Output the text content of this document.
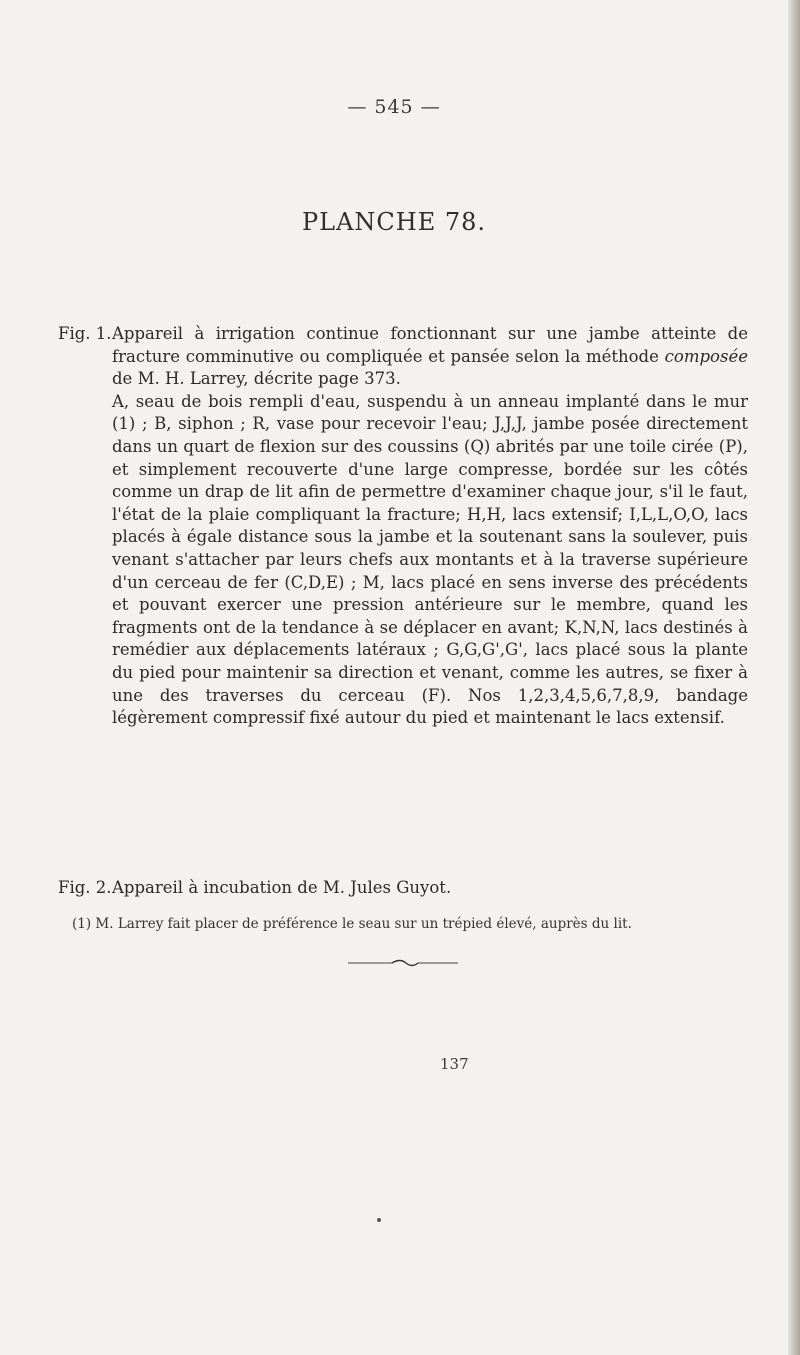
— 545 —
PLANCHE 78.
Fig. 1. Appareil à irrigation continue fonctionnant sur une jambe atteinte de fracture comminutive ou compliquée et pansée selon la méthode composée de M. H. Larrey, décrite page 373.

A, seau de bois rempli d'eau, suspendu à un anneau implanté dans le mur (1) ; B, siphon ; R, vase pour recevoir l'eau; J,J,J, jambe posée directement dans un quart de flexion sur des coussins (Q) abrités par une toile cirée (P), et simplement recouverte d'une large compresse, bordée sur les côtés comme un drap de lit afin de permettre d'examiner chaque jour, s'il le faut, l'état de la plaie compliquant la fracture; H,H, lacs extensif; I,L,L,O,O, lacs placés à égale distance sous la jambe et la soutenant sans la soulever, puis venant s'attacher par leurs chefs aux montants et à la traverse supérieure d'un cerceau de fer (C,D,E) ; M, lacs placé en sens inverse des précédents et pouvant exercer une pression antérieure sur le membre, quand les fragments ont de la tendance à se déplacer en avant; K,N,N, lacs destinés à remédier aux déplacements latéraux ; G,G,G',G', lacs placé sous la plante du pied pour maintenir sa direction et venant, comme les autres, se fixer à une des traverses du cerceau (F). Nos 1,2,3,4,5,6,7,8,9, bandage légèrement compressif fixé autour du pied et maintenant le lacs extensif.

Fig. 2. Appareil à incubation de M. Jules Guyot.

(1) M. Larrey fait placer de préférence le seau sur un trépied élevé, auprès du lit.
137
